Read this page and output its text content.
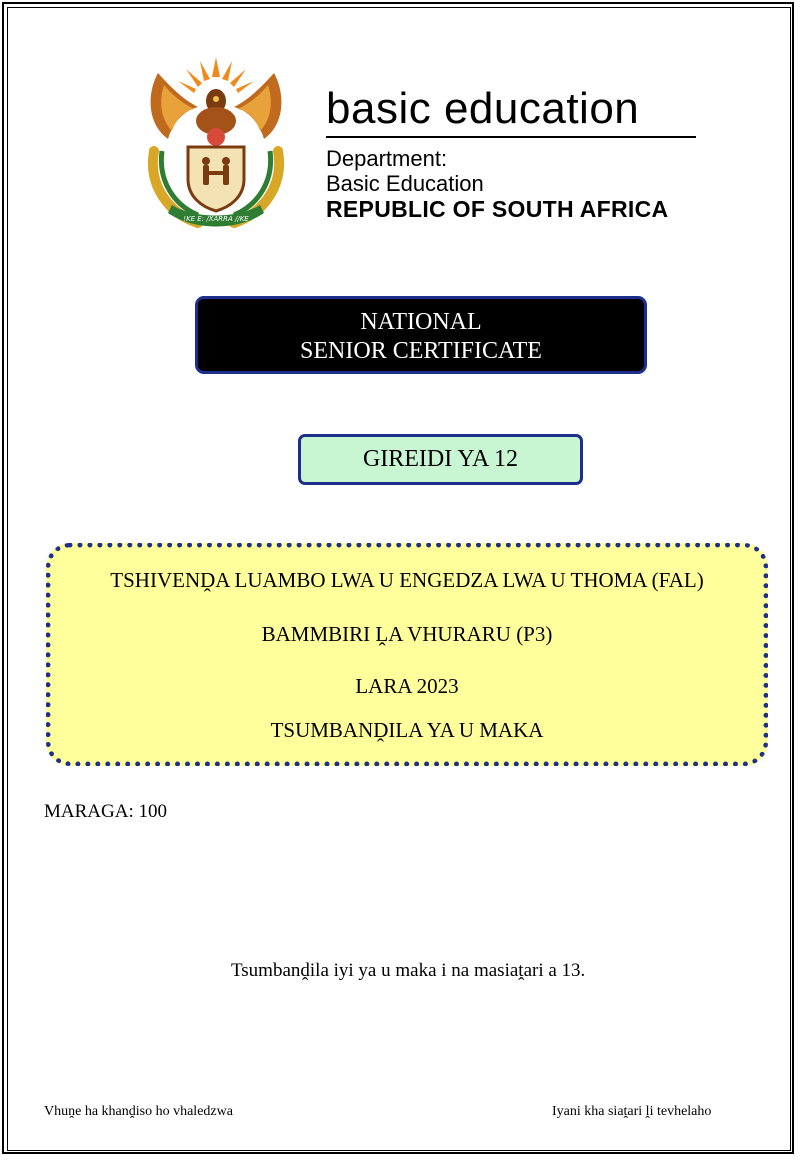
!KE E: /XARRA //KE
basic education
Department:
Basic Education
REPUBLIC OF SOUTH AFRICA
NATIONAL
SENIOR CERTIFICATE
GIREIDI YA 12
TSHIVENḒA LUAMBO LWA U ENGEDZA LWA U THOMA (FAL)
BAMMBIRI ḼA VHURARU (P3)
LARA 2023
TSUMBANḒILA YA U MAKA
MARAGA: 100
Tsumbanḓila iyi ya u maka i na masiaṱari a 13.
Vhuṋe ha khanḓiso ho vhaledzwa	Iyani kha siaṱari ḽi tevhelaho
